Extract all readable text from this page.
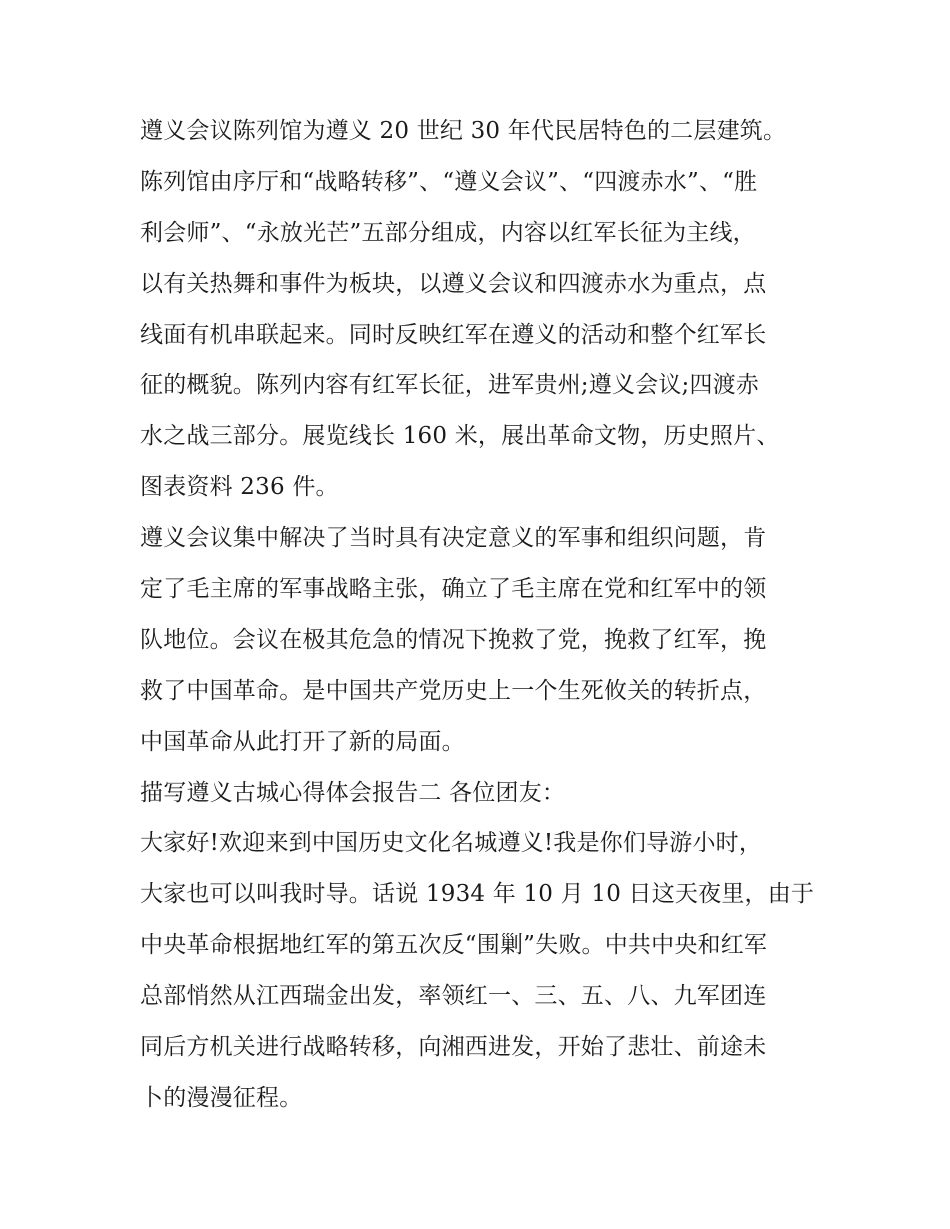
遵义会议陈列馆为遵义 20 世纪 30 年代民居特色的二层建筑。
陈列馆由序厅和“战略转移”、“遵义会议”、“四渡赤水”、“胜
利会师”、“永放光芒”五部分组成，内容以红军长征为主线，
以有关热舞和事件为板块，以遵义会议和四渡赤水为重点，点
线面有机串联起来。同时反映红军在遵义的活动和整个红军长
征的概貌。陈列内容有红军长征，进军贵州;遵义会议;四渡赤
水之战三部分。展览线长 160 米，展出革命文物，历史照片、
图表资料 236 件。
遵义会议集中解决了当时具有决定意义的军事和组织问题，肯
定了毛主席的军事战略主张，确立了毛主席在党和红军中的领
队地位。会议在极其危急的情况下挽救了党，挽救了红军，挽
救了中国革命。是中国共产党历史上一个生死攸关的转折点，
中国革命从此打开了新的局面。
描写遵义古城心得体会报告二 各位团友：
大家好!欢迎来到中国历史文化名城遵义!我是你们导游小时，
大家也可以叫我时导。话说 1934 年 10 月 10 日这天夜里，由于
中央革命根据地红军的第五次反“围剿”失败。中共中央和红军
总部悄然从江西瑞金出发，率领红一、三、五、八、九军团连
同后方机关进行战略转移，向湘西进发，开始了悲壮、前途未
卜的漫漫征程。
